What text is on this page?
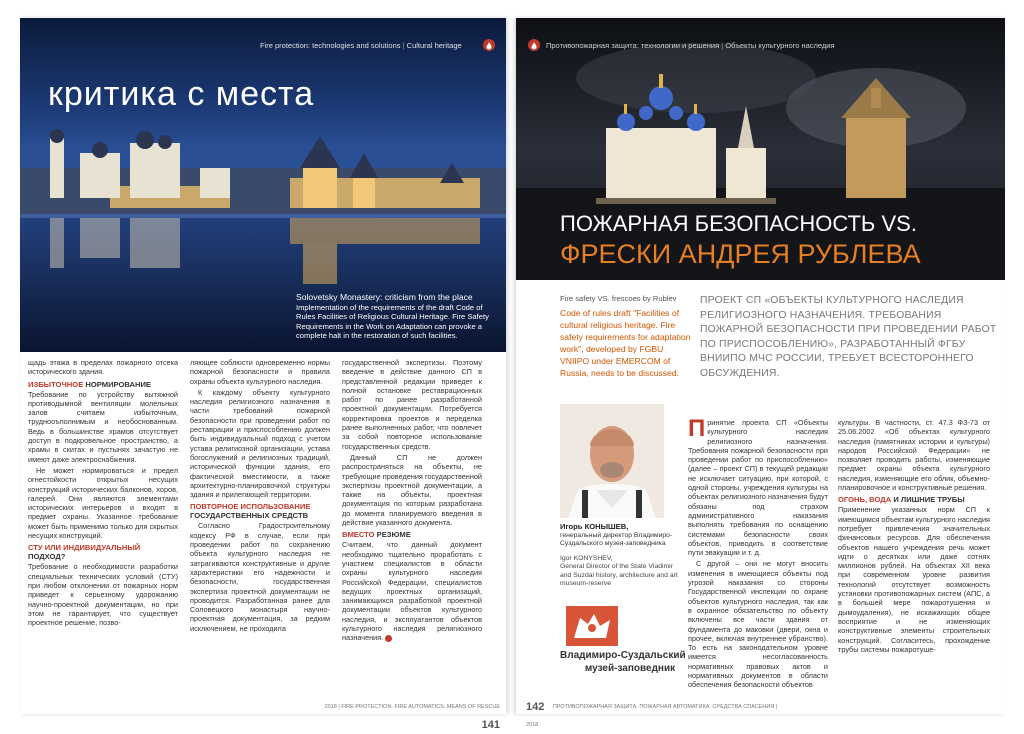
Fire protection: technologies and solutions | Cultural heritage
критика с места
Solovetsky Monastery: criticism from the place
Implementation of the requirements of the draft Code of Rules Facilities of Religious Cultural Heritage. Fire Safety Requirements in the Work on Adaptation can provoke a complete halt in the restoration of such facilities.

щадь этажа в пределах пожарного отсека исторического здания.

ИЗБЫТОЧНОЕ НОРМИРОВАНИЕ

Требование по устройству вытяжной противодымной вентиляции молельных залов считаем избыточным, труднооъполнимым и необоснованным. Ведь в большинстве храмов отсутствует доступ в подкровельное пространство, а храмы в скитах и пустынях зачастую не имеют даже электроснабжения.

Не может нормироваться и предел огнестойкости открытых несущих конструкций исторических балконов, хоров, галерей. Они являются элементами исторических интерьеров и входят в предмет охраны. Указанное требование может быть применимо только для скрытых несущих конструкций.

СТУ ИЛИ ИНДИВИДУАЛЬНЫЙ
ПОДХОД?

Требование о необходимости разработки специальных технических условий (СТУ) при любом отклонении от пожарных норм приведет к серьезному удорожанию научно-проектной документации, но при этом не гарантирует, что существует проектное решение, позво-

ляющее соблюсти одновременно нормы пожарной безопасности и правила охраны объекта культурного наследия.

К каждому объекту культурного наследия религиозного назначения в части требований пожарной безопасности при проведении работ по реставрации и приспособлению должен быть индивидуальный подход с учетом устава религиозной организации, устава богослужений и религиозных традиций, исторической функции здания, его фактической вместимости, а также архитектурно-планировочной структуры здания и прилегающей территории.

ПОВТОРНОЕ ИСПОЛЬЗОВАНИЕ
ГОСУДАРСТВЕННЫХ СРЕДСТВ

Согласно Градостроительному кодексу РФ в случае, если при проведении работ по сохранению объекта культурного наследия не затрагиваются конструктивные и другие характеристики его надежности и безопасности, государственная экспертиза проектной документации не проводится. Разработанная ранее для Соловецкого монастыря научно-проектная документация, за редким исключением, не проходила

государственной экспертизы. Поэтому введение в действие данного СП в представленной редакции приведет к полной остановке реставрационных работ по ранее разработанной проектной документации. Потребуется корректировка проектов и переделка ранее выполненных работ, что повлечет за собой повторное использование государственных средств.

Данный СП не должен распространяться на объекты, не требующие проведения государственной экспертизы проектной документации, а также на объекты, проектная документация по которым разработана до момента планируемого введения в действие указанного документа.

ВМЕСТО РЕЗЮМЕ

Считаем, что данный документ необходимо тщательно проработать с участием специалистов в области охраны культурного наследия Российской Федерации, специалистов ведущих проектных организаций, занимающихся разработкой проектной документации объектов культурного наследия, и эксплуатантов объектов культурного наследия религиозного назначения.

2018 | FIRE PROTECTION. FIRE AUTOMATICS. MEANS OF RESCUE 141
Противопожарная защита: технологии и решения | Объекты культурного наследия
ПОЖАРНАЯ БЕЗОПАСНОСТЬ VS.
ФРЕСКИ АНДРЕЯ РУБЛЕВА
Fire safety VS. frescoes by Rublev
Code of rules draft "Facilities of cultural religious heritage. Fire safety requirements for adaptation work", developed by FGBU VNIIPO under EMERCOM of Russia, needs to be discussed.
ПРОЕКТ СП «ОБЪЕКТЫ КУЛЬТУРНОГО НАСЛЕДИЯ РЕЛИГИОЗНОГО НАЗНАЧЕНИЯ. ТРЕБОВАНИЯ ПОЖАРНОЙ БЕЗОПАСНОСТИ ПРИ ПРОВЕДЕНИИ РАБОТ ПО ПРИСПОСОБЛЕНИЮ», РАЗРАБОТАННЫЙ ФГБУ ВНИИПО МЧС РОССИИ, ТРЕБУЕТ ВСЕСТОРОННЕГО ОБСУЖДЕНИЯ.
Игорь КОНЫШЕВ,
генеральный директор Владимиро-Суздальского музея-заповедника
Igor KONYSHEV,
General Director of the State Vladimir and Suzdal history, architecture and art museum-reserve
Владимиро-Суздальский
музей-заповедник

Принятие проекта СП «Объекты культурного наследия религиозного назначения. Требования пожарной безопасности при проведении работ по приспособлению» (далее – проект СП) в текущей редакции не исключает ситуацию, при которой, с одной стороны, учреждения культуры на объектах религиозного назначения будут обязаны под страхом административного наказания выполнять требования по оснащению системами безопасности своих объектов, приводить в соответствие пути эвакуации и т. д.

С другой – они не могут вносить изменения в имеющиеся объекты под угрозой наказания со стороны Государственной инспекции по охране объектов культурного наследия, так как в охранное обязательство по объекту включены все части здания от фундамента до маковки (двери, окна и прочее, включая внутреннее убранство). То есть на законодательном уровне имеется несогласованность нормативных правовых актов и нормативных документов в области обеспечения безопасности объектов

культуры. В частности, ст. 47.3 ФЗ-73 от 25.06.2002 «Об объектах культурного наследия (памятниках истории и культуры) народов Российской Федерации» не позволяет проводить работы, изменяющие предмет охраны объекта культурного наследия, изменяющие его облик, объемно-планировочное и конструктивные решения.

ОГОНЬ, ВОДА И ЛИШНИЕ ТРУБЫ

Применение указанных норм СП к имеющимся объектам культурного наследия потребует привлечения значительных финансовых ресурсов. Для обеспечения объектов нашего учреждения речь может идти о десятках или даже сотнях миллионов рублей. На объектах XII века при современном уровне развития технологий отсутствует возможность установки противопожарных систем (АПС, а в большей мере пожаротушения и дымоудаления), не искажающих общее восприятие и не изменяющих конструктивные элементы строительных конструкций. Согласитесь, прохождение трубы системы пожаротуше-

142 ПРОТИВОПОЖАРНАЯ ЗАЩИТА. ПОЖАРНАЯ АВТОМАТИКА. СРЕДСТВА СПАСЕНИЯ | 2018
